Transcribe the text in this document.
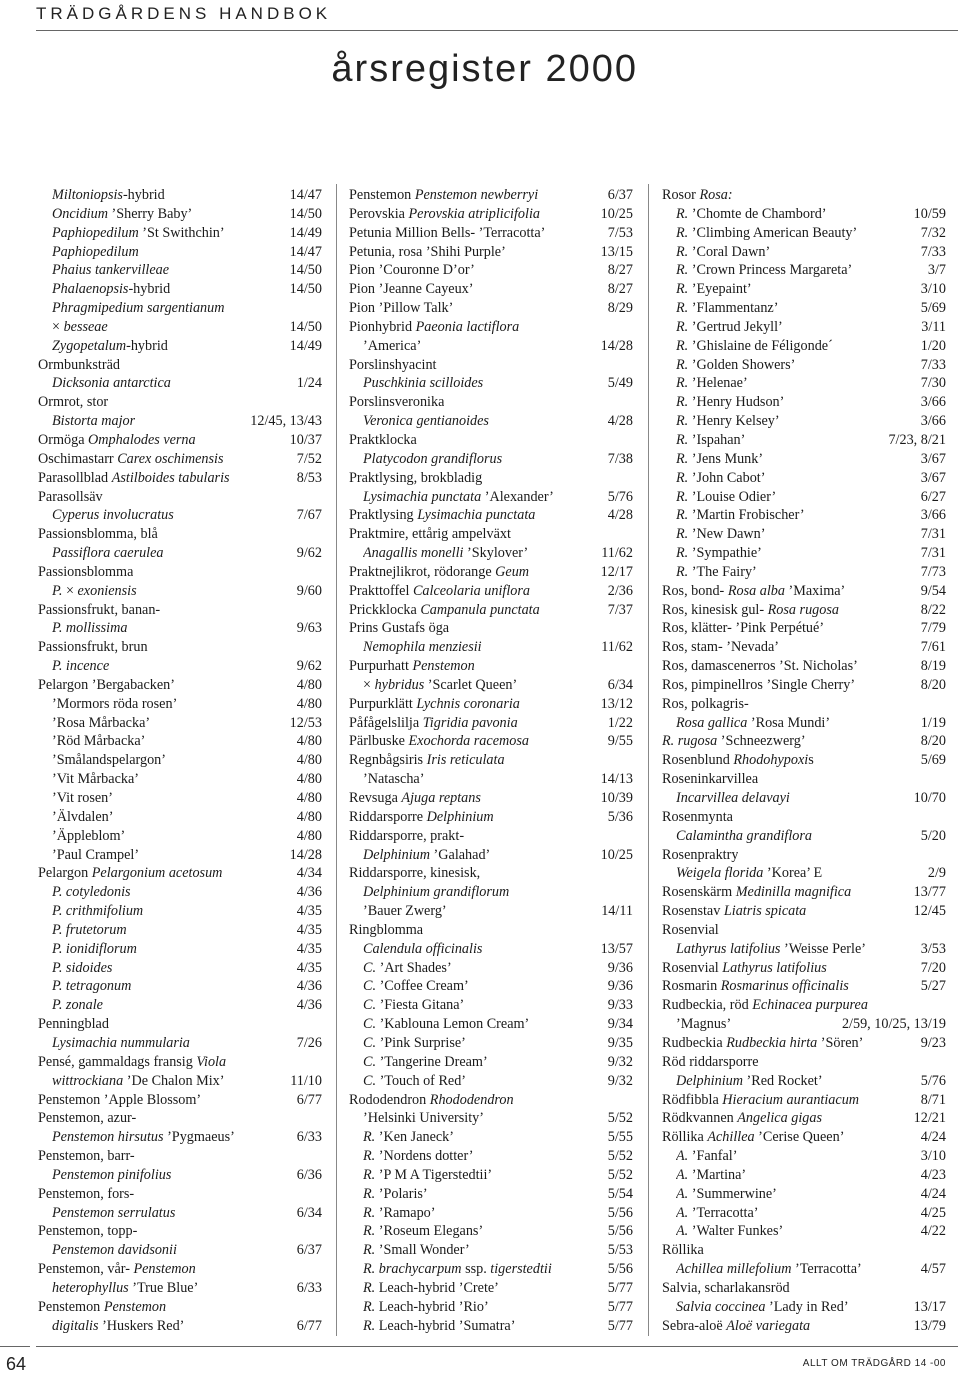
TRÄDGÅRDENS HANDBOK
årsregister 2000
Miltoniopsis-hybrid	14/47
Oncidium ’Sherry Baby’	14/50
Paphiopedilum ’St Swithchin’	14/49
Paphiopedilum	14/47
Phaius tankervilleae	14/50
Phalaenopsis-hybrid	14/50
Phragmipedium sargentianum
× besseae	14/50
Zygopetalum-hybrid	14/49
Ormbunksträd
Dicksonia antarctica	1/24
Ormrot, stor
Bistorta major	12/45, 13/43
Ormöga Omphalodes verna	10/37
Oschimastarr Carex oschimensis	7/52
Parasollblad Astilboides tabularis	8/53
Parasollsäv
Cyperus involucratus	7/67
Passionsblomma, blå
Passiflora caerulea	9/62
Passionsblomma
P. × exoniensis	9/60
Passionsfrukt, banan-
P. mollissima	9/63
Passionsfrukt, brun
P. incence	9/62
Pelargon ’Bergabacken’	4/80
’Mormors röda rosen’	4/80
’Rosa Mårbacka’	12/53
’Röd Mårbacka’	4/80
’Smålandspelargon’	4/80
’Vit Mårbacka’	4/80
’Vit rosen’	4/80
’Älvdalen’	4/80
’Äppleblom’	4/80
’Paul Crampel’	14/28
Pelargon Pelargonium acetosum	4/34
P. cotyledonis	4/36
P. crithmifolium	4/35
P. frutetorum	4/35
P. ionidiflorum	4/35
P. sidoides	4/35
P. tetragonum	4/36
P. zonale	4/36
Penningblad
Lysimachia nummularia	7/26
Pensé, gammaldags fransig Viola
wittrockiana ’De Chalon Mix’	11/10
Penstemon ’Apple Blossom’	6/77
Penstemon, azur-
Penstemon hirsutus ’Pygmaeus’	6/33
Penstemon, barr-
Penstemon pinifolius	6/36
Penstemon, fors-
Penstemon serrulatus	6/34
Penstemon, topp-
Penstemon davidsonii	6/37
Penstemon, vår- Penstemon
heterophyllus ’True Blue’	6/33
Penstemon Penstemon
digitalis ’Huskers Red’	6/77
Penstemon Penstemon newberryi	6/37
Perovskia Perovskia atriplicifolia	10/25
Petunia Million Bells- ’Terracotta’	7/53
Petunia, rosa ’Shihi Purple’	13/15
Pion ’Couronne D’or’	8/27
Pion ’Jeanne Cayeux’	8/27
Pion ’Pillow Talk’	8/29
Pionhybrid Paeonia lactiflora
’America’	14/28
Porslinshyacint
Puschkinia scilloides	5/49
Porslinsveronika
Veronica gentianoides	4/28
Praktklocka
Platycodon grandiflorus	7/38
Praktlysing, brokbladig
Lysimachia punctata ’Alexander’	5/76
Praktlysing Lysimachia punctata	4/28
Praktmire, ettårig ampelväxt
Anagallis monelli ’Skylover’	11/62
Praktnejlikrot, rödorange Geum	12/17
Prakttoffel Calceolaria uniflora	2/36
Prickklocka Campanula punctata	7/37
Prins Gustafs öga
Nemophila menziesii	11/62
Purpurhatt Penstemon
× hybridus ’Scarlet Queen’	6/34
Purpurklätt Lychnis coronaria	13/12
Påfågelslilja Tigridia pavonia	1/22
Pärlbuske Exochorda racemosa	9/55
Regnbågsiris Iris reticulata
’Natascha’	14/13
Revsuga Ajuga reptans	10/39
Riddarsporre Delphinium	5/36
Riddarsporre, prakt-
Delphinium ’Galahad’	10/25
Riddarsporre, kinesisk,
Delphinium grandiflorum
’Bauer Zwerg’	14/11
Ringblomma
Calendula officinalis	13/57
C. ’Art Shades’	9/36
C. ’Coffee Cream’	9/36
C. ’Fiesta Gitana’	9/33
C. ’Kablouna Lemon Cream’	9/34
C. ’Pink Surprise’	9/35
C. ’Tangerine Dream’	9/32
C. ’Touch of Red’	9/32
Rododendron Rhododendron
’Helsinki University’	5/52
R. ’Ken Janeck’	5/55
R. ’Nordens dotter’	5/52
R. ’P M A Tigerstedtii’	5/52
R. ’Polaris’	5/54
R. ’Ramapo’	5/56
R. ’Roseum Elegans’	5/56
R. ’Small Wonder’	5/53
R. brachycarpum ssp. tigerstedtii	5/56
R. Leach-hybrid ’Crete’	5/77
R. Leach-hybrid ’Rio’	5/77
R. Leach-hybrid ’Sumatra’	5/77
Rosor Rosa:
R. ’Chomte de Chambord’	10/59
R. ’Climbing American Beauty’	7/32
R. ’Coral Dawn’	7/33
R. ’Crown Princess Margareta’	3/7
R. ’Eyepaint’	3/10
R. ’Flammentanz’	5/69
R. ’Gertrud Jekyll’	3/11
R. ’Ghislaine de Féligonde´	1/20
R. ’Golden Showers’	7/33
R. ’Helenae’	7/30
R. ’Henry Hudson’	3/66
R. ’Henry Kelsey’	3/66
R. ’Ispahan’	7/23, 8/21
R. ’Jens Munk’	3/67
R. ’John Cabot’	3/67
R. ’Louise Odier’	6/27
R. ’Martin Frobischer’	3/66
R. ’New Dawn’	7/31
R. ’Sympathie’	7/31
R. ’The Fairy’	7/73
Ros, bond- Rosa alba ’Maxima’	9/54
Ros, kinesisk gul- Rosa rugosa	8/22
Ros, klätter- ’Pink Perpétué’	7/79
Ros, stam- ’Nevada’	7/61
Ros, damascenerros ’St. Nicholas’	8/19
Ros, pimpinellros ’Single Cherry’	8/20
Ros, polkagris-
Rosa gallica ’Rosa Mundi’	1/19
R. rugosa ’Schneezwerg’	8/20
Rosenblund Rhodohypoxis	5/69
Roseninkarvillea
Incarvillea delavayi	10/70
Rosenmynta
Calamintha grandiflora	5/20
Rosenpraktry
Weigela florida ’Korea’ E	2/9
Rosenskärm Medinilla magnifica	13/77
Rosenstav Liatris spicata	12/45
Rosenvial
Lathyrus latifolius ’Weisse Perle’	3/53
Rosenvial Lathyrus latifolius	7/20
Rosmarin Rosmarinus officinalis	5/27
Rudbeckia, röd Echinacea purpurea
’Magnus’	2/59, 10/25, 13/19
Rudbeckia Rudbeckia hirta ’Sören’	9/23
Röd riddarsporre
Delphinium ’Red Rocket’	5/76
Rödfibbla Hieracium aurantiacum	8/71
Rödkvannen Angelica gigas	12/21
Röllika Achillea ’Cerise Queen’	4/24
A. ’Fanfal’	3/10
A. ’Martina’	4/23
A. ’Summerwine’	4/24
A. ’Terracotta’	4/25
A. ’Walter Funkes’	4/22
Röllika
Achillea millefolium ’Terracotta’	4/57
Salvia, scharlakansröd
Salvia coccinea ’Lady in Red’	13/17
Sebra-aloë Aloë variegata	13/79
64	ALLT OM TRÄDGÅRD 14 -00
